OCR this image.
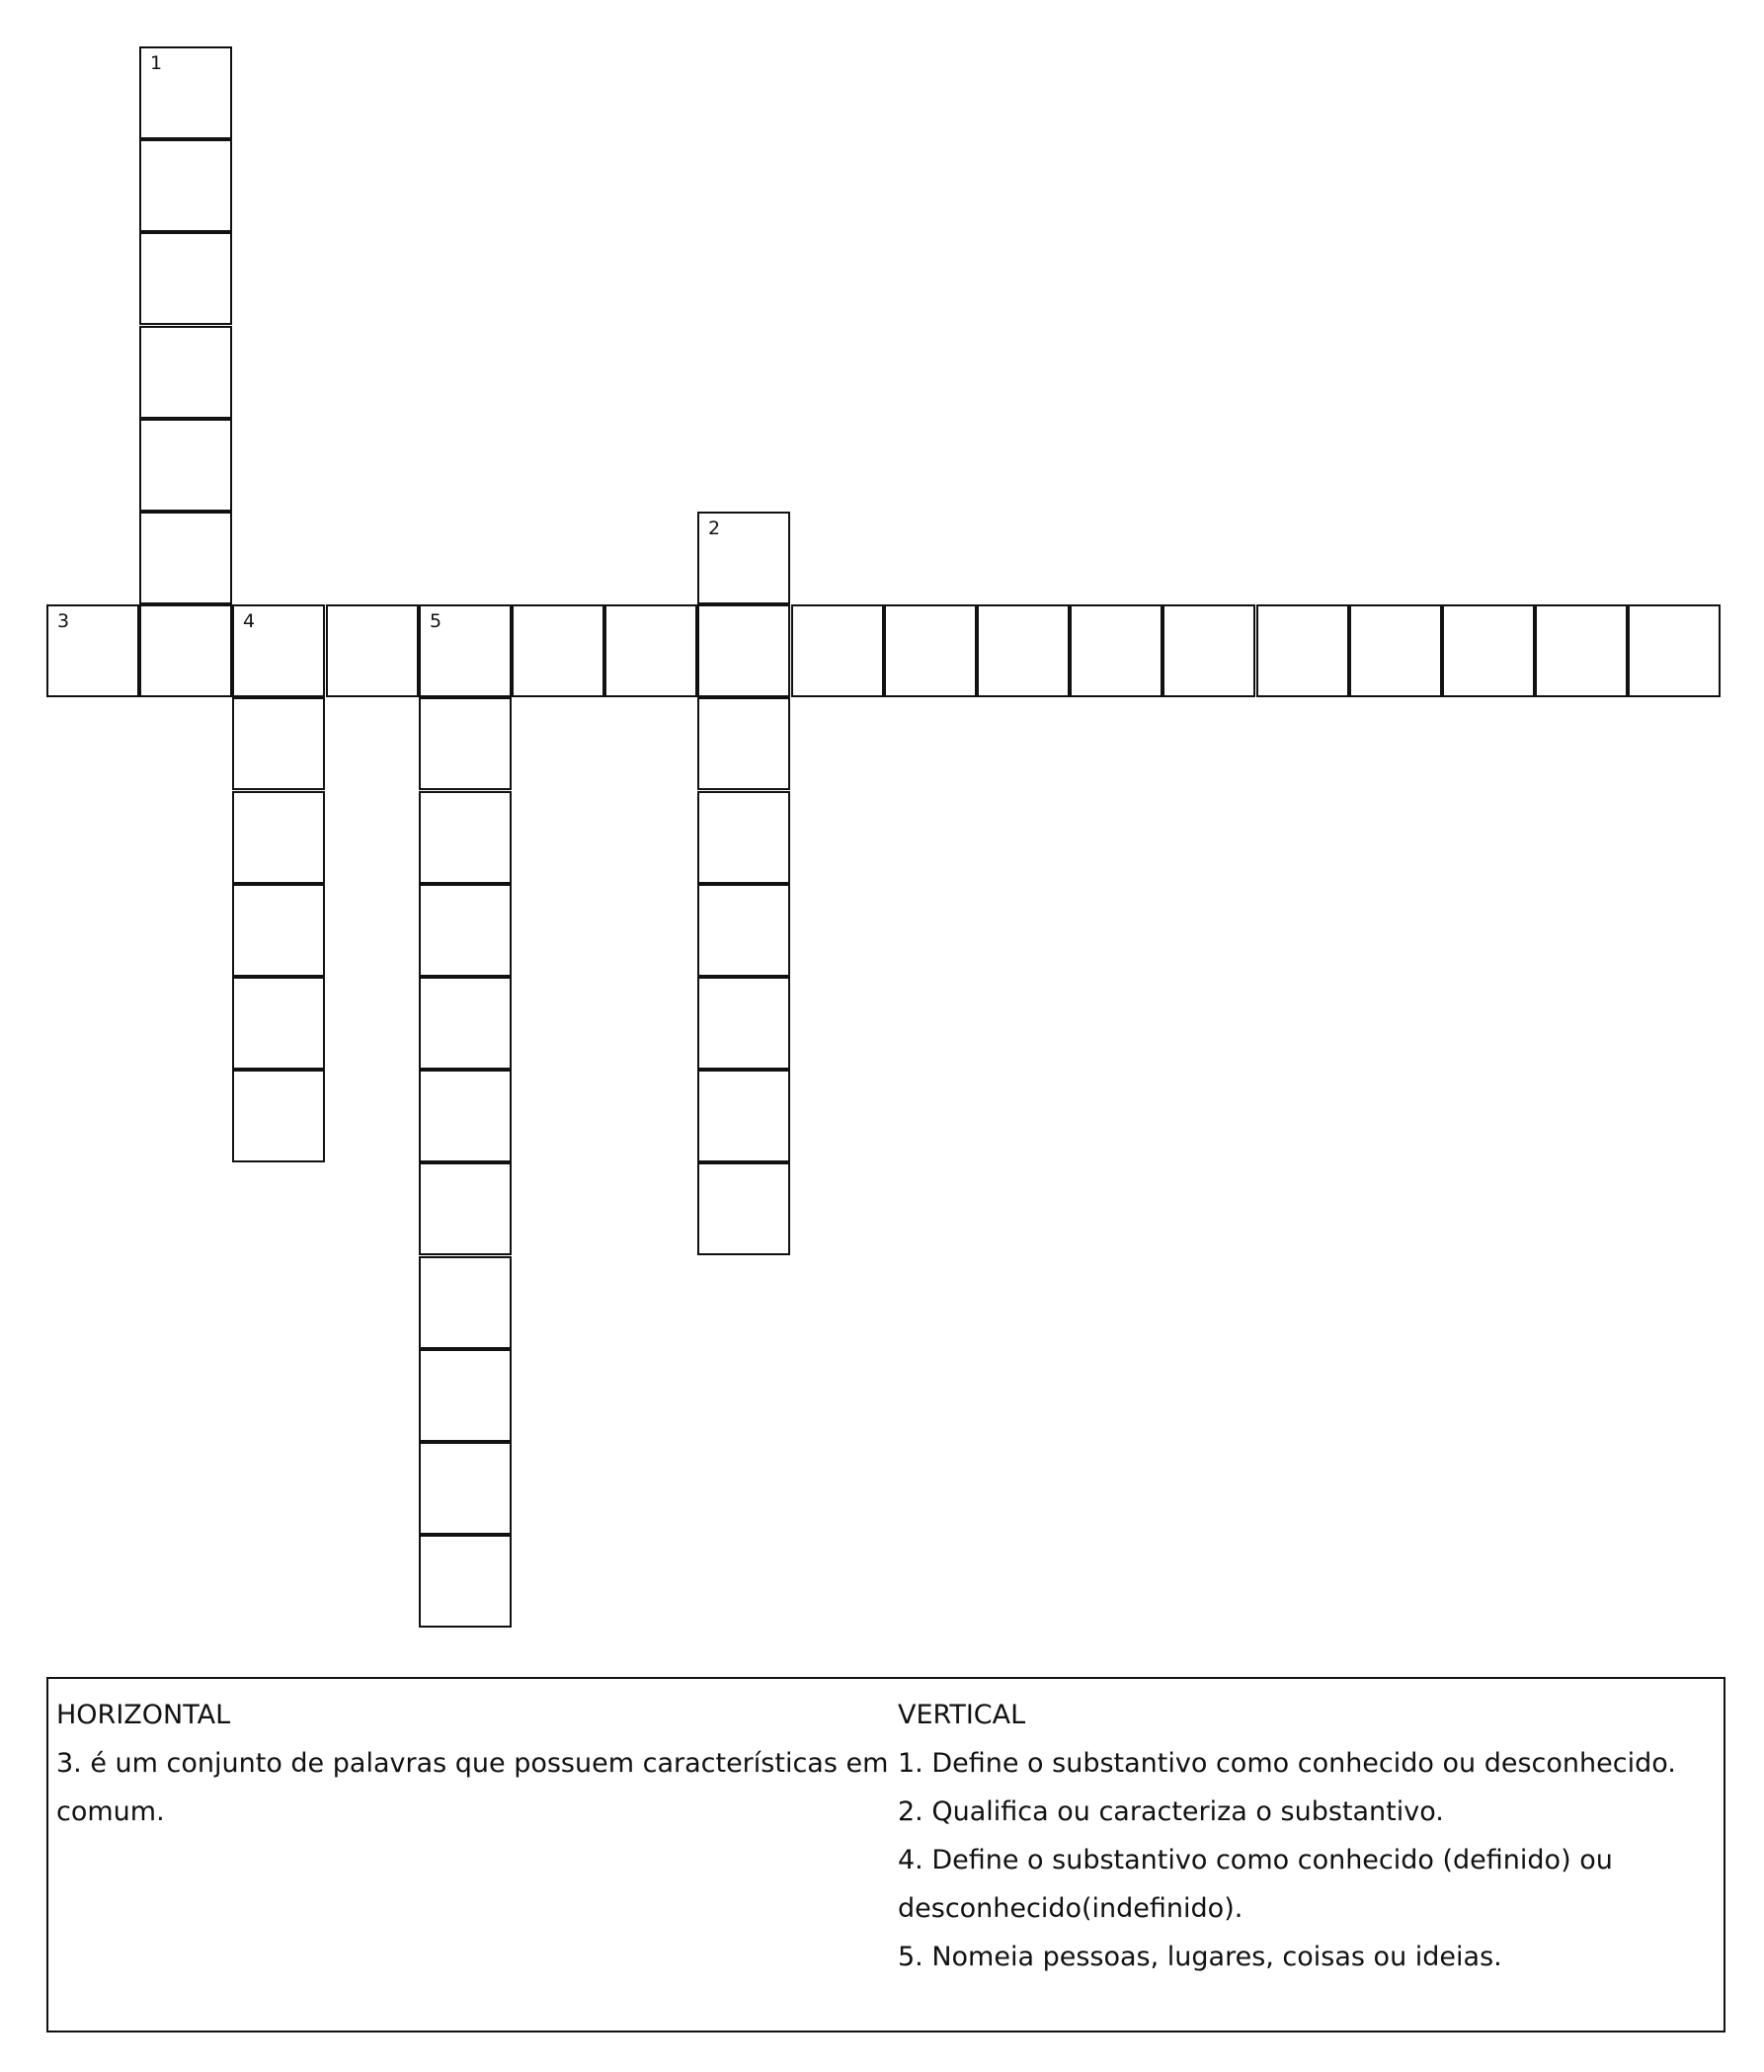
1
2
3	4	5

HORIZONTAL

3. é um conjunto de palavras que possuem características em

comum.

VERTICAL

1. Define o substantivo como conhecido ou desconhecido.

2. Qualifica ou caracteriza o substantivo.

4. Define o substantivo como conhecido (definido) ou

desconhecido(indefinido).

5. Nomeia pessoas, lugares, coisas ou ideias.
